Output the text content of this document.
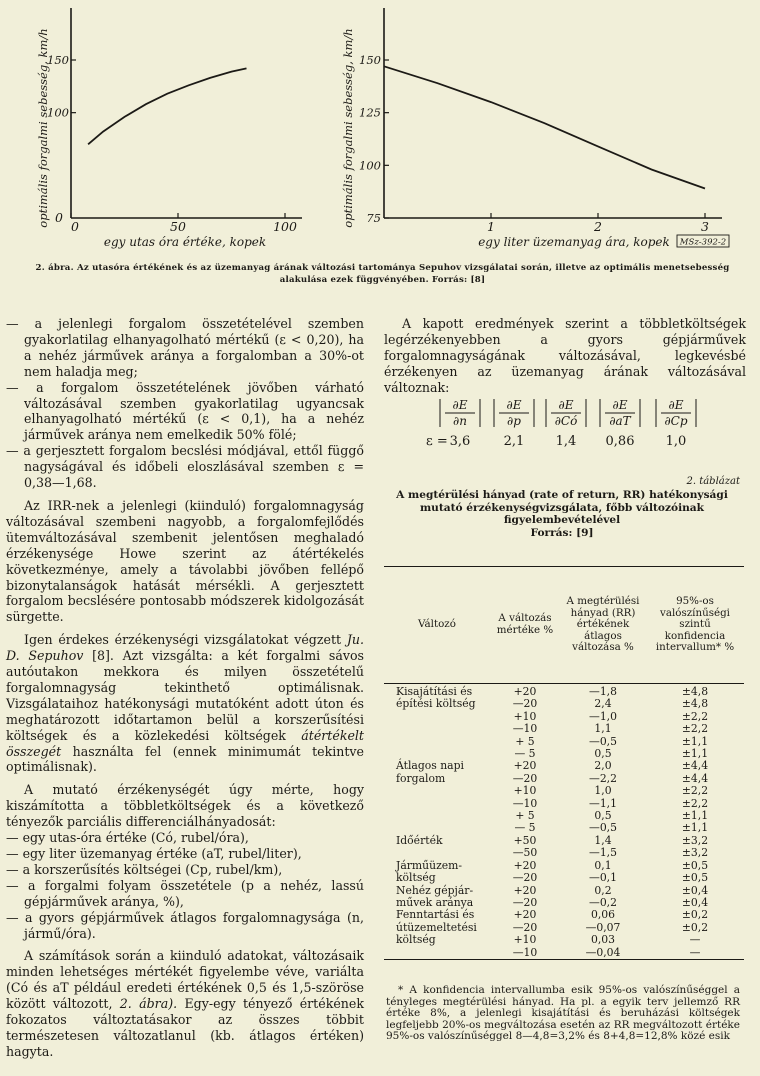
optimális forgalmi sebesség, km/h
egy utas óra értéke, kopek
0
0	50	100
100
150	optimális forgalmi sebesség, km/h
egy liter üzemanyag ára, kopek
1	2	3
75
100
125
150
MSz-392-2
2. ábra. Az utasóra értékének és az üzemanyag árának változási tartománya Sepuhov vizsgálatai során, illetve az optimális menetsebesség alakulása ezek függvényében. Forrás: [8]

— a jelenlegi forgalom összetételével szemben gyakorlatilag elhanyagolható mértékű (ε < 0,20), ha a nehéz járművek aránya a forgalomban a 30%-ot nem haladja meg;

— a forgalom összetételének jövőben várható változásával szemben gyakorlatilag ugyancsak elhanyagolható mértékű (ε < 0,1), ha a nehéz járművek aránya nem emelkedik 50% fölé;

— a gerjesztett forgalom becslési módjával, ettől függő nagyságával és időbeli eloszlásával szemben ε = 0,38—1,68.

Az IRR-nek a jelenlegi (kiinduló) forgalomnagyság változásával szembeni nagyobb, a forgalomfejlődés ütemváltozásával szembenit jelentősen meghaladó érzékenysége Howe szerint az átértékelés következménye, amely a távolabbi jövőben fellépő bizonytalanságok hatását mérsékli. A gerjesztett forgalom becslésére pontosabb módszerek kidolgozását sürgette.

Igen érdekes érzékenységi vizsgálatokat végzett Ju. D. Sepuhov [8]. Azt vizsgálta: a két forgalmi sávos autóutakon mekkora és milyen összetételű forgalomnagyság tekinthető optimálisnak. Vizsgálataihoz hatékonysági mutatóként adott úton és meghatározott időtartamon belül a korszerűsítési költségek és a közlekedési költségek átértékelt összegét használta fel (ennek minimumát tekintve optimálisnak).

A mutató érzékenységét úgy mérte, hogy kiszámította a többletköltségek és a következő tényezők parciális differenciálhányadosát:

— egy utas-óra értéke (Có, rubel/óra),

— egy liter üzemanyag értéke (aT, rubel/liter),

— a korszerűsítés költségei (Cp, rubel/km),

— a forgalmi folyam összetétele (p a nehéz, lassú gépjárművek aránya, %),

— a gyors gépjárművek átlagos forgalomnagysága (n, jármű/óra).

A számítások során a kiinduló adatokat, változásaik minden lehetséges mértékét figyelembe véve, variálta (Có és aT például eredeti értékének 0,5 és 1,5-szöröse között változott, 2. ábra). Egy-egy tényező értékének fokozatos változtatásakor az összes többit természetesen változatlanul (kb. átlagos értéken) hagyta.

A kapott eredmények szerint a többletköltségek legérzékenyebben a gyors gépjárművek forgalomnagyságának változásával, legkevésbé érzékenyen az üzemanyag árának változásával változnak:

ε =
∂E
∂n
3,6
∂E
∂p
2,1
∂E
∂Có
1,4
∂E
∂aT
0,86
∂E
∂Cp
1,0
2. táblázat
A megtérülési hányad (rate of return, RR) hatékonysági mutató érzékenységvizsgálata, főbb változóinak figyelembevételével
Forrás: [9]
Változó	A változás mértéke %	A megtérülési hányad (RR) értékének átlagos változása %	95%-os valószínűségi szintű konfidencia intervallum* %
Kisajátítási és	+20	—1,8	±4,8
építési költség	—20	2,4	±4,8
	+10	—1,0	±2,2
	—10	1,1	±2,2
	+ 5	—0,5	±1,1
	— 5	0,5	±1,1
Átlagos napi	+20	2,0	±4,4
forgalom	—20	—2,2	±4,4
	+10	1,0	±2,2
	—10	—1,1	±2,2
	+ 5	0,5	±1,1
	— 5	—0,5	±1,1
Időérték	+50	1,4	±3,2
	—50	—1,5	±3,2
Járműüzem-	+20	0,1	±0,5
költség	—20	—0,1	±0,5
Nehéz gépjár-	+20	0,2	±0,4
művek aránya	—20	—0,2	±0,4
Fenntartási és	+20	0,06	±0,2
útüzemeltetési	—20	—0,07	±0,2
költség	+10	0,03	—
	—10	—0,04	—
* A konfidencia intervallumba esik 95%-os valószínűséggel a tényleges megtérülési hányad. Ha pl. a egyik terv jellemző RR értéke 8%, a jelenlegi kisajátítási és beruházási költségek legfeljebb 20%-os megváltozása esetén az RR megváltozott értéke 95%-os valószínűséggel 8—4,8=3,2% és 8+4,8=12,8% közé esik
